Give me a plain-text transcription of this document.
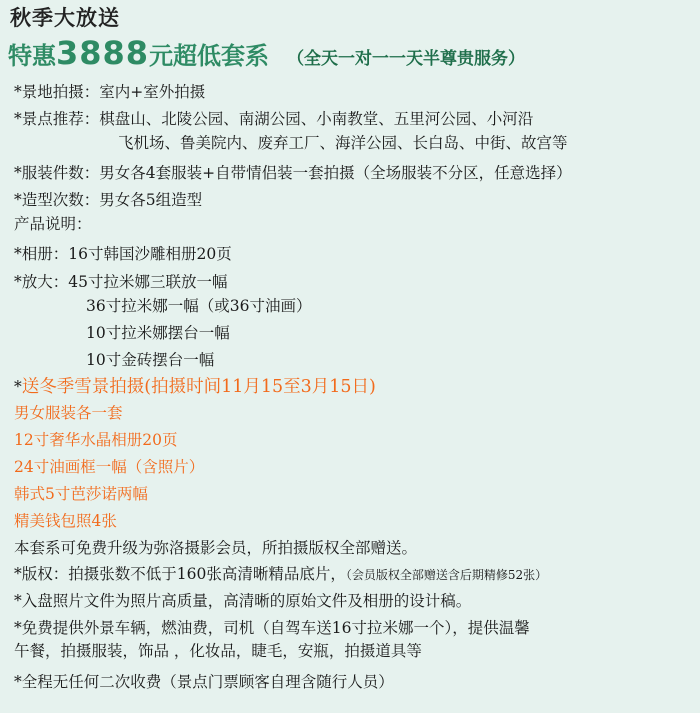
秋季大放送
特惠3888元超低套系 （全天一对一一天半尊贵服务）
*景地拍摄：室内+室外拍摄
*景点推荐：棋盘山、北陵公园、南湖公园、小南教堂、五里河公园、小河沿
飞机场、鲁美院内、废弃工厂、海洋公园、长白岛、中街、故宫等
*服装件数：男女各4套服装+自带情侣装一套拍摄（全场服装不分区，任意选择）
*造型次数：男女各5组造型
产品说明：
*相册：16寸韩国沙雕相册20页
*放大：45寸拉米娜三联放一幅
36寸拉米娜一幅（或36寸油画）
10寸拉米娜摆台一幅
10寸金砖摆台一幅
*送冬季雪景拍摄(拍摄时间11月15至3月15日)
男女服装各一套
12寸奢华水晶相册20页
24寸油画框一幅（含照片）
韩式5寸芭莎诺两幅
精美钱包照4张
本套系可免费升级为弥洛摄影会员，所拍摄版权全部赠送。
*版权：拍摄张数不低于160张高清晰精品底片，（会员版权全部赠送含后期精修52张）
*入盘照片文件为照片高质量，高清晰的原始文件及相册的设计稿。
*免费提供外景车辆，燃油费，司机（自驾车送16寸拉米娜一个），提供温馨
午餐，拍摄服装，饰品 ，化妆品，睫毛，安瓶，拍摄道具等
*全程无任何二次收费（景点门票顾客自理含随行人员）
